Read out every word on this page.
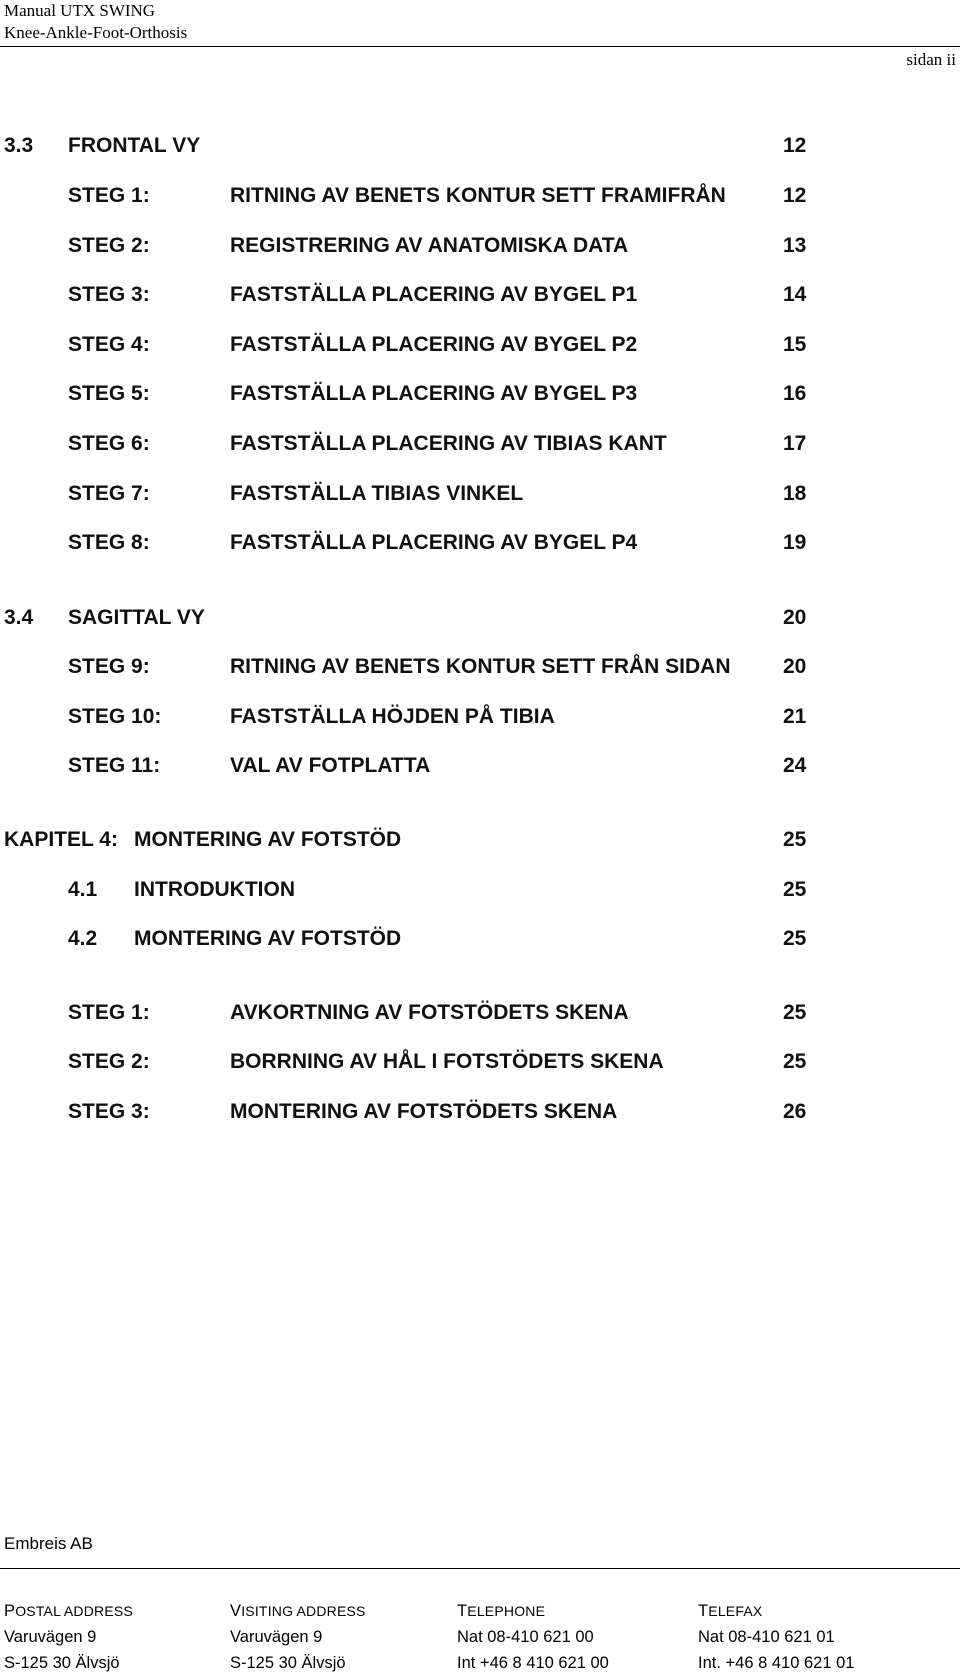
Manual UTX SWING
Knee-Ankle-Foot-Orthosis
sidan ii
3.3 FRONTAL VY	12
STEG 1:	RITNING AV BENETS KONTUR SETT FRAMIFRÅN	12
STEG 2:	REGISTRERING AV ANATOMISKA DATA	13
STEG 3:	FASTSTÄLLA PLACERING AV BYGEL P1	14
STEG 4:	FASTSTÄLLA PLACERING AV BYGEL P2	15
STEG 5:	FASTSTÄLLA PLACERING AV BYGEL P3	16
STEG 6:	FASTSTÄLLA PLACERING AV TIBIAS KANT	17
STEG 7:	FASTSTÄLLA TIBIAS VINKEL	18
STEG 8:	FASTSTÄLLA PLACERING AV BYGEL P4	19
3.4 SAGITTAL VY	20
STEG 9:	RITNING AV BENETS KONTUR SETT FRÅN SIDAN 20
STEG 10:	FASTSTÄLLA HÖJDEN PÅ TIBIA	21
STEG 11:	VAL AV FOTPLATTA	24
KAPITEL 4: MONTERING AV FOTSTÖD	25
4.1 INTRODUKTION	25
4.2 MONTERING AV FOTSTÖD	25
STEG 1:	AVKORTNING AV FOTSTÖDETS SKENA	25
STEG 2:	BORRNING AV HÅL I FOTSTÖDETS SKENA	25
STEG 3:	MONTERING AV FOTSTÖDETS SKENA	26
Embreis AB
POSTAL ADDRESS
Varuvägen 9
S-125 30 Älvsjö
VISITING ADDRESS
Varuvägen 9
S-125 30 Älvsjö
TELEPHONE
Nat 08-410 621 00
Int +46 8 410 621 00
TELEFAX
Nat 08-410 621 01
Int. +46 8 410 621 01
